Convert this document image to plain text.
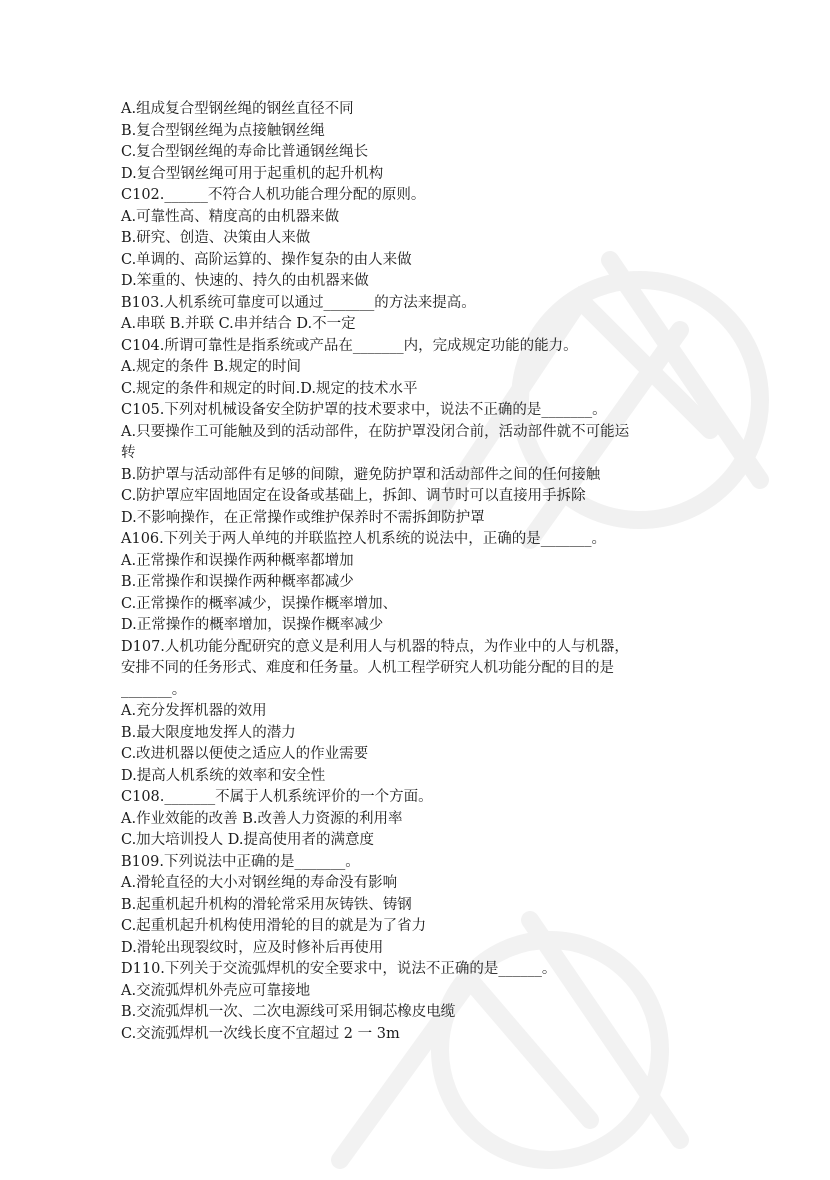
A.组成复合型钢丝绳的钢丝直径不同
B.复合型钢丝绳为点接触钢丝绳
C.复合型钢丝绳的寿命比普通钢丝绳长
D.复合型钢丝绳可用于起重机的起升机构
C102.______不符合人机功能合理分配的原则。
A.可靠性高、精度高的由机器来做
B.研究、创造、决策由人来做
C.单调的、高阶运算的、操作复杂的由人来做
D.笨重的、快速的、持久的由机器来做
B103.人机系统可靠度可以通过_______的方法来提高。
A.串联 B.并联 C.串并结合 D.不一定
C104.所谓可靠性是指系统或产品在_______内，完成规定功能的能力。
A.规定的条件 B.规定的时间
C.规定的条件和规定的时间.D.规定的技术水平
C105.下列对机械设备安全防护罩的技术要求中，说法不正确的是_______。
A.只要操作工可能触及到的活动部件，在防护罩没闭合前，活动部件就不可能运
转
B.防护罩与活动部件有足够的间隙，避免防护罩和活动部件之间的任何接触
C.防护罩应牢固地固定在设备或基础上，拆卸、调节时可以直接用手拆除
D.不影响操作，在正常操作或维护保养时不需拆卸防护罩
A106.下列关于两人单纯的并联监控人机系统的说法中，正确的是_______。
A.正常操作和误操作两种概率都增加
B.正常操作和误操作两种概率都减少
C.正常操作的概率减少，误操作概率增加、
D.正常操作的概率增加，误操作概率减少
D107.人机功能分配研究的意义是利用人与机器的特点，为作业中的人与机器，
安排不同的任务形式、难度和任务量。人机工程学研究人机功能分配的目的是
_______。
A.充分发挥机器的效用
B.最大限度地发挥人的潜力
C.改进机器以便使之适应人的作业需要
D.提高人机系统的效率和安全性
C108._______不属于人机系统评价的一个方面。
A.作业效能的改善 B.改善人力资源的利用率
C.加大培训投人 D.提高使用者的满意度
B109.下列说法中正确的是_______。
A.滑轮直径的大小对钢丝绳的寿命没有影响
B.起重机起升机构的滑轮常采用灰铸铁、铸钢
C.起重机起升机构使用滑轮的目的就是为了省力
D.滑轮出现裂纹时，应及时修补后再使用
D110.下列关于交流弧焊机的安全要求中，说法不正确的是______。
A.交流弧焊机外壳应可靠接地
B.交流弧焊机一次、二次电源线可采用铜芯橡皮电缆
C.交流弧焊机一次线长度不宜超过 2 一 3m
